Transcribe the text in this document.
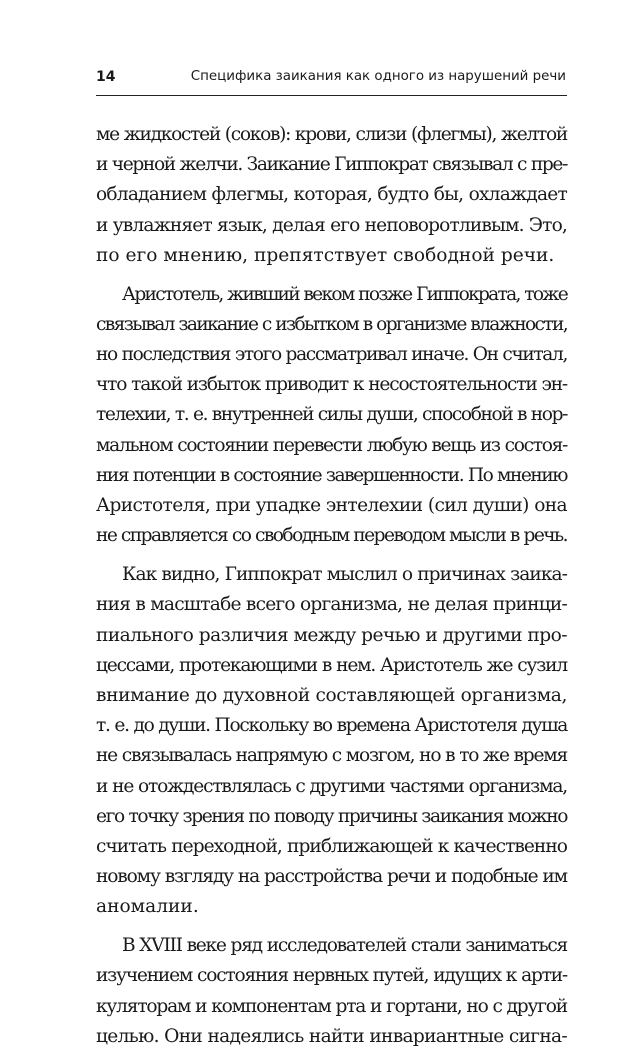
14	Специфика заикания как одного из нарушений речи
ме жидкостей (соков): крови, слизи (флегмы), желтой
и черной желчи. Заикание Гиппократ связывал с пре-
обладанием флегмы, которая, будто бы, охлаждает
и увлажняет язык, делая его неповоротливым. Это,
по его мнению, препятствует свободной речи.
Аристотель, живший веком позже Гиппократа, тоже
связывал заикание с избытком в организме влажности,
но последствия этого рассматривал иначе. Он считал,
что такой избыток приводит к несостоятельности эн-
телехии, т. е. внутренней силы души, способной в нор-
мальном состоянии перевести любую вещь из состоя-
ния потенции в состояние завершенности. По мнению
Аристотеля, при упадке энтелехии (сил души) она
не справляется со свободным переводом мысли в речь.
Как видно, Гиппократ мыслил о причинах заика-
ния в масштабе всего организма, не делая принци-
пиального различия между речью и другими про-
цессами, протекающими в нем. Аристотель же сузил
внимание до духовной составляющей организма,
т. е. до души. Поскольку во времена Аристотеля душа
не связывалась напрямую с мозгом, но в то же время
и не отождествлялась с другими частями организма,
его точку зрения по поводу причины заикания можно
считать переходной, приближающей к качественно
новому взгляду на расстройства речи и подобные им
аномалии.
В XVIII веке ряд исследователей стали заниматься
изучением состояния нервных путей, идущих к арти-
куляторам и компонентам рта и гортани, но с другой
целью. Они надеялись найти инвариантные сигна-
